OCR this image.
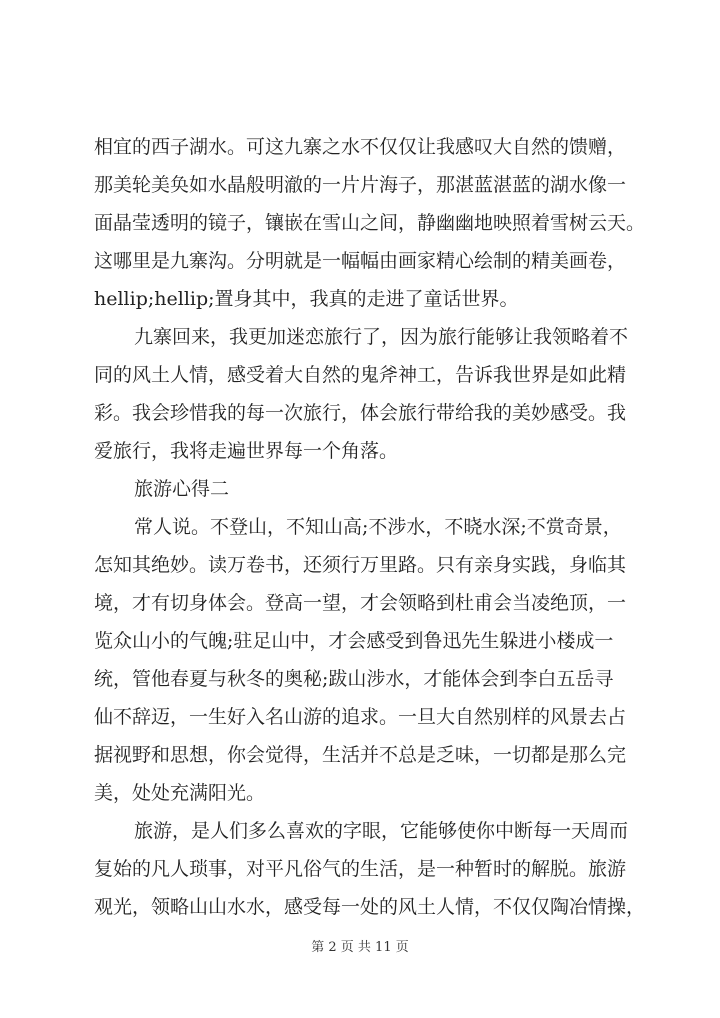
相宜的西子湖水。可这九寨之水不仅仅让我感叹大自然的馈赠，
那美轮美奂如水晶般明澈的一片片海子，那湛蓝湛蓝的湖水像一
面晶莹透明的镜子，镶嵌在雪山之间，静幽幽地映照着雪树云天。
这哪里是九寨沟。分明就是一幅幅由画家精心绘制的精美画卷，
hellip;hellip;置身其中，我真的走进了童话世界。
九寨回来，我更加迷恋旅行了，因为旅行能够让我领略着不
同的风土人情，感受着大自然的鬼斧神工，告诉我世界是如此精
彩。我会珍惜我的每一次旅行，体会旅行带给我的美妙感受。我
爱旅行，我将走遍世界每一个角落。
旅游心得二
常人说。不登山，不知山高;不涉水，不晓水深;不赏奇景，
怎知其绝妙。读万卷书，还须行万里路。只有亲身实践，身临其
境，才有切身体会。登高一望，才会领略到杜甫会当凌绝顶，一
览众山小的气魄;驻足山中，才会感受到鲁迅先生躲进小楼成一
统，管他春夏与秋冬的奥秘;跋山涉水，才能体会到李白五岳寻
仙不辞迈，一生好入名山游的追求。一旦大自然别样的风景去占
据视野和思想，你会觉得，生活并不总是乏味，一切都是那么完
美，处处充满阳光。
旅游，是人们多么喜欢的字眼，它能够使你中断每一天周而
复始的凡人琐事，对平凡俗气的生活，是一种暂时的解脱。旅游
观光，领略山山水水，感受每一处的风土人情，不仅仅陶冶情操，
第 2 页 共 11 页
